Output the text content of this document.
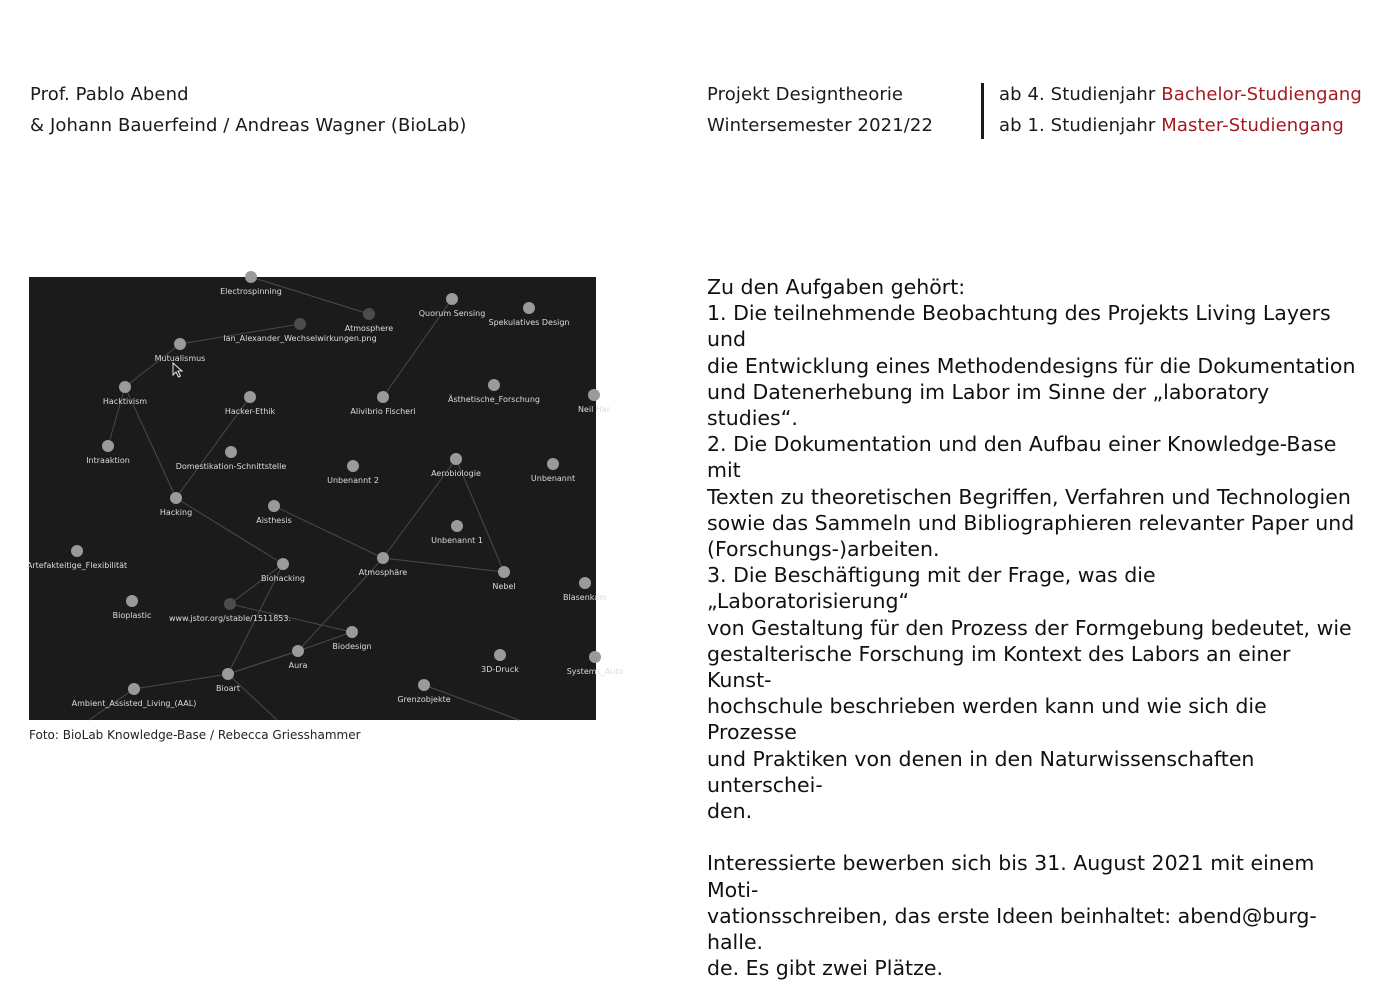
Prof. Pablo Abend
& Johann Bauerfeind / Andreas Wagner (BioLab)
Projekt Designtheorie
Wintersemester 2021/22
ab 4. Studienjahr Bachelor-Studiengang
ab 1. Studienjahr Master-Studiengang
Electrospinning
Atmosphere
Ian_Alexander_Wechselwirkungen.png
Quorum Sensing
Spekulatives Design
Mutualismus
Hacktivism
Hacker-Ethik	Alivibrio Fischeri
Ästhetische_Forschung
Neil Har
Intraaktion
Domestikation-Schnittstelle
Unbenannt 2
Aerobiologie
Unbenannt
Hacking
Aisthesis
Unbenannt 1
Artefakteitige_Flexibilität
Biohacking
Atmosphäre
Nebel
Blasenkam
Bioplastic www.jstor.org/stable/1511853.
Biodesign
Aura	3D-Druck	Systems_Auto
Bioart
Ambient_Assisted_Living_(AAL)	Grenzobjekte
Foto: BioLab Knowledge-Base / Rebecca Griesshammer

Zu den Aufgaben gehört:

1. Die teilnehmende Beobachtung des Projekts Living Layers und

die Entwicklung eines Methodendesigns für die Dokumentation

und Datenerhebung im Labor im Sinne der „laboratory studies“.

2. Die Dokumentation und den Aufbau einer Knowledge-Base mit

Texten zu theoretischen Begriffen, Verfahren und Technologien

sowie das Sammeln und Bibliographieren relevanter Paper und

(Forschungs-)arbeiten.

3. Die Beschäftigung mit der Frage, was die „Laboratorisierung“

von Gestaltung für den Prozess der Formgebung bedeutet, wie

gestalterische Forschung im Kontext des Labors an einer Kunst-

hochschule beschrieben werden kann und wie sich die Prozesse

und Praktiken von denen in den Naturwissenschaften unterschei-

den.

Interessierte bewerben sich bis 31. August 2021 mit einem Moti-

vationsschreiben, das erste Ideen beinhaltet: abend@burg-halle.

de. Es gibt zwei Plätze.
